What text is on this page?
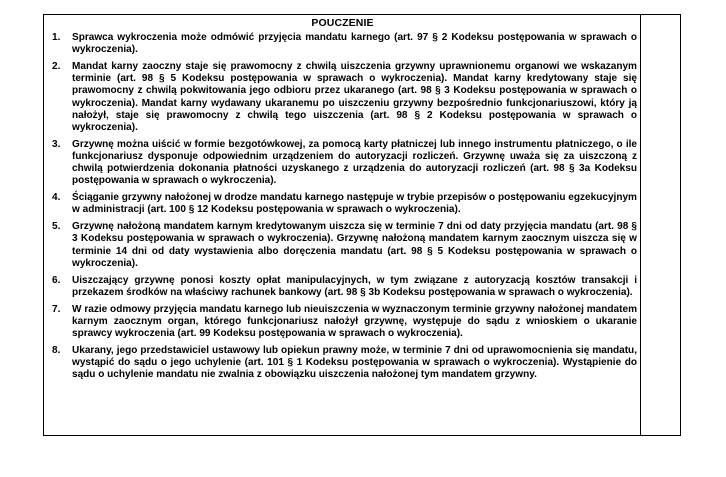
POUCZENIE
1. Sprawca wykroczenia może odmówić przyjęcia mandatu karnego (art. 97 § 2 Kodeksu postępowania w sprawach o wykroczenia).
2. Mandat karny zaoczny staje się prawomocny z chwilą uiszczenia grzywny uprawnionemu organowi we wskazanym terminie (art. 98 § 5 Kodeksu postępowania w sprawach o wykroczenia). Mandat karny kredytowany staje się prawomocny z chwilą pokwitowania jego odbioru przez ukaranego (art. 98 § 3 Kodeksu postępowania w sprawach o wykroczenia). Mandat karny wydawany ukaranemu po uiszczeniu grzywny bezpośrednio funkcjonariuszowi, który ją nałożył, staje się prawomocny z chwilą tego uiszczenia (art. 98 § 2 Kodeksu postępowania w sprawach o wykroczenia).
3. Grzywnę można uiścić w formie bezgotówkowej, za pomocą karty płatniczej lub innego instrumentu płatniczego, o ile funkcjonariusz dysponuje odpowiednim urządzeniem do autoryzacji rozliczeń. Grzywnę uważa się za uiszczoną z chwilą potwierdzenia dokonania płatności uzyskanego z urządzenia do autoryzacji rozliczeń (art. 98 § 3a Kodeksu postępowania w sprawach o wykroczenia).
4. Ściąganie grzywny nałożonej w drodze mandatu karnego następuje w trybie przepisów o postępowaniu egzekucyjnym w administracji (art. 100 § 12 Kodeksu postępowania w sprawach o wykroczenia).
5. Grzywnę nałożoną mandatem karnym kredytowanym uiszcza się w terminie 7 dni od daty przyjęcia mandatu (art. 98 § 3 Kodeksu postępowania w sprawach o wykroczenia). Grzywnę nałożoną mandatem karnym zaocznym uiszcza się w terminie 14 dni od daty wystawienia albo doręczenia mandatu (art. 98 § 5 Kodeksu postępowania w sprawach o wykroczenia).
6. Uiszczający grzywnę ponosi koszty opłat manipulacyjnych, w tym związane z autoryzacją kosztów transakcji i przekazem środków na właściwy rachunek bankowy (art. 98 § 3b Kodeksu postępowania w sprawach o wykroczenia).
7. W razie odmowy przyjęcia mandatu karnego lub nieuiszczenia w wyznaczonym terminie grzywny nałożonej mandatem karnym zaocznym organ, którego funkcjonariusz nałożył grzywnę, występuje do sądu z wnioskiem o ukaranie sprawcy wykroczenia (art. 99 Kodeksu postępowania w sprawach o wykroczenia).
8. Ukarany, jego przedstawiciel ustawowy lub opiekun prawny może, w terminie 7 dni od uprawomocnienia się mandatu, wystąpić do sądu o jego uchylenie (art. 101 § 1 Kodeksu postępowania w sprawach o wykroczenia). Wystąpienie do sądu o uchylenie mandatu nie zwalnia z obowiązku uiszczenia nałożonej tym mandatem grzywny.
